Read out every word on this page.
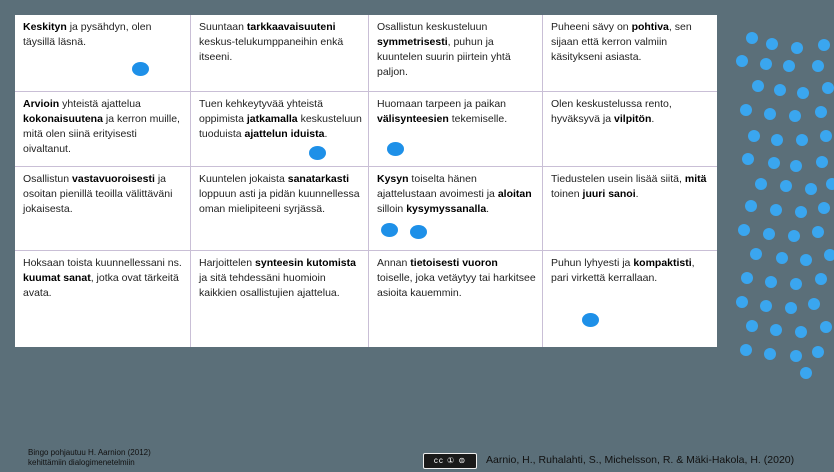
Keskityn ja pysähdyn, olen täysillä läsnä.
Suuntaan tarkkaavaisuuteni keskus-telukumppaneihin enkä itseeni.
Osallistun keskusteluun symmetrisesti, puhun ja kuuntelen suurin piirtein yhtä paljon.
Puheeni sävy on pohtiva, sen sijaan että kerron valmiin käsitykseni asiasta.
Arvioin yhteistä ajattelua kokonaisuutena ja kerron muille, mitä olen siinä erityisesti oivaltanut.
Tuen kehkeytyvää yhteistä oppimista jatkamalla keskusteluun tuoduista ajattelun iduista.
Huomaan tarpeen ja paikan välisynteesien tekemiselle.
Olen keskustelussa rento, hyväksyvä ja vilpitön.
Osallistun vastavuoroisesti ja osoitan pienillä teoilla välittäväni jokaisesta.
Kuuntelen jokaista sanatarkasti loppuun asti ja pidän kuunnellessa oman mielipiteeni syrjässä.
Kysyn toiselta hänen ajattelustaan avoimesti ja aloitan silloin kysymyssanalla.
Tiedustelen usein lisää siitä, mitä toinen juuri sanoi.
Hoksaan toista kuunnellessani ns. kuumat sanat, jotka ovat tärkeitä avata.
Harjoittelen synteesin kutomista ja sitä tehdessäni huomioin kaikkien osallistujien ajattelua.
Annan tietoisesti vuoron toiselle, joka vetäytyy tai harkitsee asioita kauemmin.
Puhun lyhyesti ja kompaktisti, pari virkettä kerrallaan.
Bingo pohjautuu H. Aarnion (2012)
kehittämiin dialogimenetelmiin	cc ① ⊜	Aarnio, H., Ruhalahti, S., Michelsson, R. & Mäki-Hakola, H. (2020)
